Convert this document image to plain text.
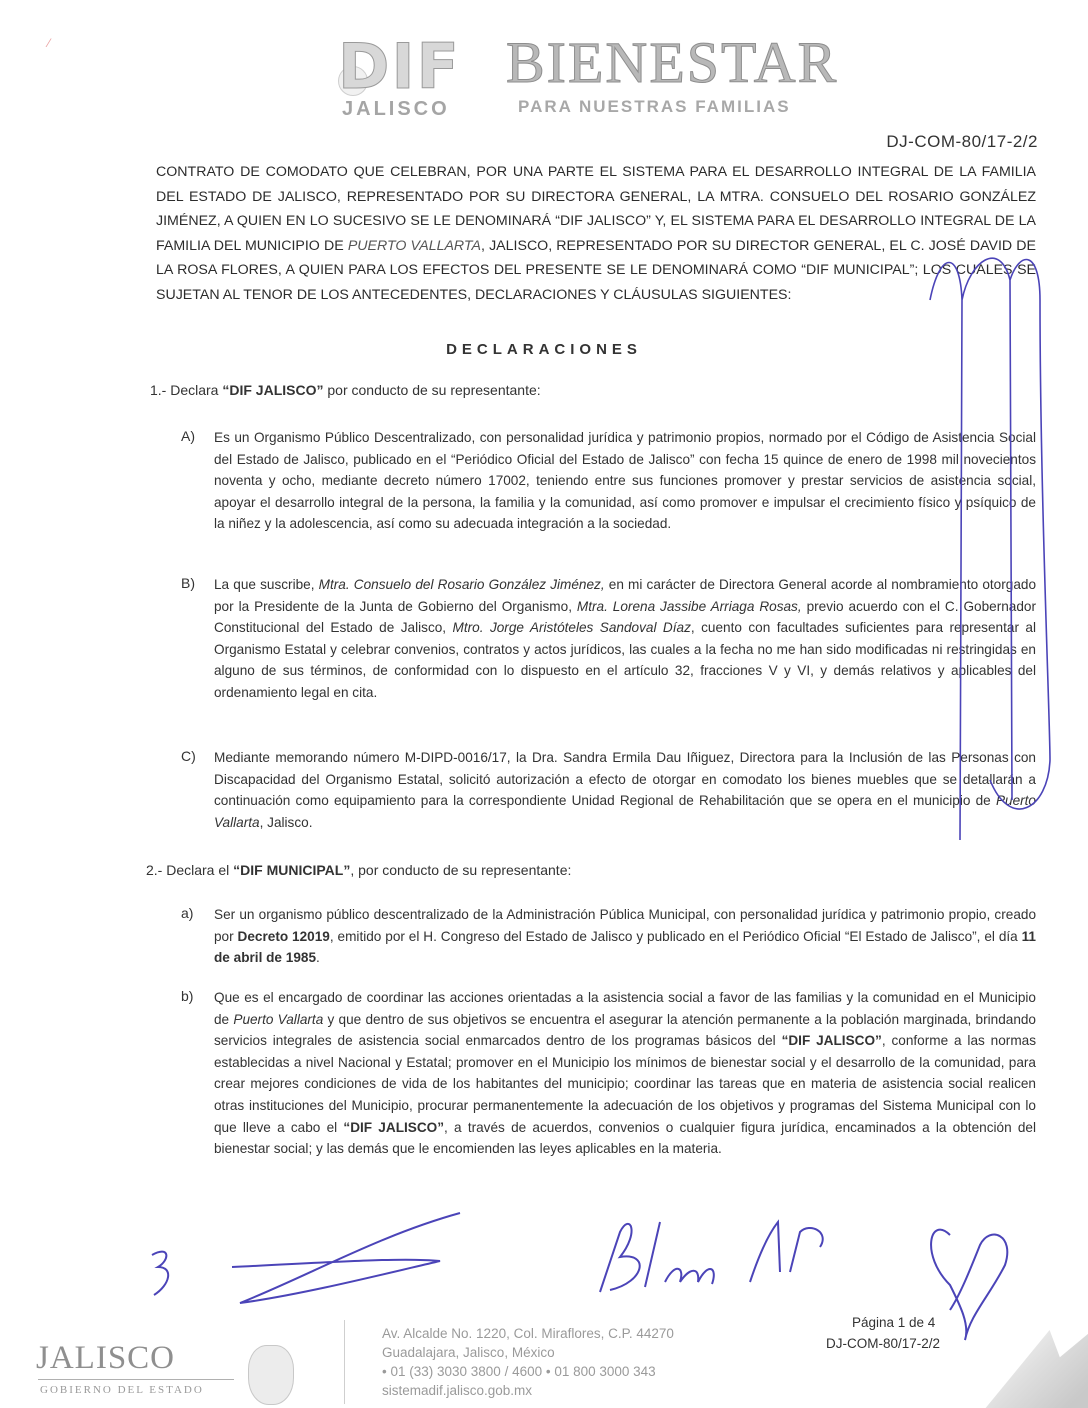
⁄	DIF
JALISCO
BIENESTAR
PARA NUESTRAS FAMILIAS
DJ-COM-80/17-2/2
CONTRATO DE COMODATO QUE CELEBRAN, POR UNA PARTE EL SISTEMA PARA EL DESARROLLO INTEGRAL DE LA FAMILIA DEL ESTADO DE JALISCO, REPRESENTADO POR SU DIRECTORA GENERAL, LA MTRA. CONSUELO DEL ROSARIO GONZÁLEZ JIMÉNEZ, A QUIEN EN LO SUCESIVO SE LE DENOMINARÁ “DIF JALISCO” Y, EL SISTEMA PARA EL DESARROLLO INTEGRAL DE LA FAMILIA DEL MUNICIPIO DE PUERTO VALLARTA, JALISCO, REPRESENTADO POR SU DIRECTOR GENERAL, EL C. JOSÉ DAVID DE LA ROSA FLORES, A QUIEN PARA LOS EFECTOS DEL PRESENTE SE LE DENOMINARÁ COMO “DIF MUNICIPAL”; LOS CUALES SE SUJETAN AL TENOR DE LOS ANTECEDENTES, DECLARACIONES Y CLÁUSULAS SIGUIENTES:
DECLARACIONES
1.- Declara “DIF JALISCO” por conducto de su representante:
A) Es un Organismo Público Descentralizado, con personalidad jurídica y patrimonio propios, normado por el Código de Asistencia Social del Estado de Jalisco, publicado en el “Periódico Oficial del Estado de Jalisco” con fecha 15 quince de enero de 1998 mil novecientos noventa y ocho, mediante decreto número 17002, teniendo entre sus funciones promover y prestar servicios de asistencia social, apoyar el desarrollo integral de la persona, la familia y la comunidad, así como promover e impulsar el crecimiento físico y psíquico de la niñez y la adolescencia, así como su adecuada integración a la sociedad.
B) La que suscribe, Mtra. Consuelo del Rosario González Jiménez, en mi carácter de Directora General acorde al nombramiento otorgado por la Presidente de la Junta de Gobierno del Organismo, Mtra. Lorena Jassibe Arriaga Rosas, previo acuerdo con el C. Gobernador Constitucional del Estado de Jalisco, Mtro. Jorge Aristóteles Sandoval Díaz, cuento con facultades suficientes para representar al Organismo Estatal y celebrar convenios, contratos y actos jurídicos, las cuales a la fecha no me han sido modificadas ni restringidas en alguno de sus términos, de conformidad con lo dispuesto en el artículo 32, fracciones V y VI, y demás relativos y aplicables del ordenamiento legal en cita.
C) Mediante memorando número M-DIPD-0016/17, la Dra. Sandra Ermila Dau Iñiguez, Directora para la Inclusión de las Personas con Discapacidad del Organismo Estatal, solicitó autorización a efecto de otorgar en comodato los bienes muebles que se detallarán a continuación como equipamiento para la correspondiente Unidad Regional de Rehabilitación que se opera en el municipio de Puerto Vallarta, Jalisco.
2.- Declara el “DIF MUNICIPAL”, por conducto de su representante:
a) Ser un organismo público descentralizado de la Administración Pública Municipal, con personalidad jurídica y patrimonio propio, creado por Decreto 12019, emitido por el H. Congreso del Estado de Jalisco y publicado en el Periódico Oficial “El Estado de Jalisco”, el día 11 de abril de 1985.
b) Que es el encargado de coordinar las acciones orientadas a la asistencia social a favor de las familias y la comunidad en el Municipio de Puerto Vallarta y que dentro de sus objetivos se encuentra el asegurar la atención permanente a la población marginada, brindando servicios integrales de asistencia social enmarcados dentro de los programas básicos del “DIF JALISCO”, conforme a las normas establecidas a nivel Nacional y Estatal; promover en el Municipio los mínimos de bienestar social y el desarrollo de la comunidad, para crear mejores condiciones de vida de los habitantes del municipio; coordinar las tareas que en materia de asistencia social realicen otras instituciones del Municipio, procurar permanentemente la adecuación de los objetivos y programas del Sistema Municipal con lo que lleve a cabo el “DIF JALISCO”, a través de acuerdos, convenios o cualquier figura jurídica, encaminados a la obtención del bienestar social; y las demás que le encomienden las leyes aplicables en la materia.
JALISCO
GOBIERNO DEL ESTADO
Av. Alcalde No. 1220, Col. Miraflores, C.P. 44270
Guadalajara, Jalisco, México
• 01 (33) 3030 3800 / 4600 • 01 800 3000 343
sistemadif.jalisco.gob.mx
Página 1 de 4
DJ-COM-80/17-2/2
